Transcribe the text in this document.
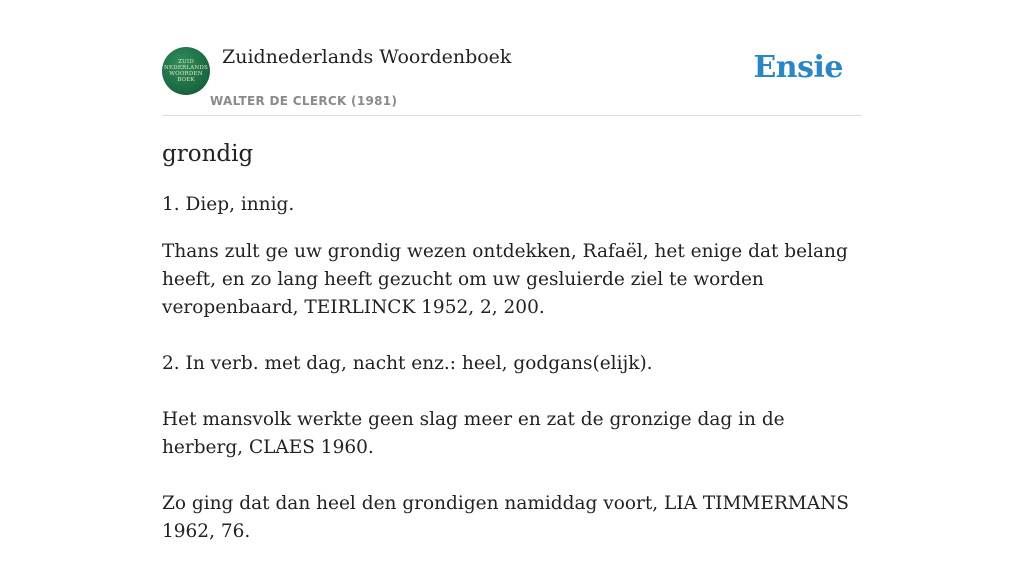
ZUID
NEDERLANDS
WOORDEN
BOEK
Zuidnederlands Woordenboek
WALTER DE CLERCK (1981)
Ensie
grondig

1. Diep, innig.

Thans zult ge uw grondig wezen ontdekken, Rafaël, het enige dat belang heeft, en zo lang heeft gezucht om uw gesluierde ziel te worden veropenbaard, TEIRLINCK 1952, 2, 200.

2. In verb. met dag, nacht enz.: heel, godgans(elijk).

Het mansvolk werkte geen slag meer en zat de gronzige dag in de herberg, CLAES 1960.

Zo ging dat dan heel den grondigen namiddag voort, LIA TIMMERMANS 1962, 76.
